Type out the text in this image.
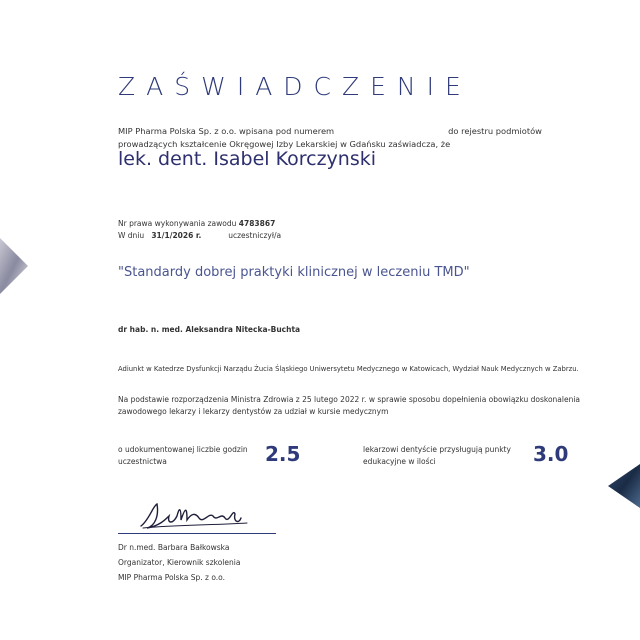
ZAŚWIADCZENIE
MIP Pharma Polska Sp. z o.o. wpisana pod numerem	do rejestru podmiotów
prowadzących kształcenie Okręgowej Izby Lekarskiej w Gdańsku zaświadcza, że
lek. dent. Isabel Korczynski
Nr prawa wykonywania zawodu 4783867
W dniu 31/1/2026 r.	uczestniczył/a
"Standardy dobrej praktyki klinicznej w leczeniu TMD"
dr hab. n. med. Aleksandra Nitecka-Buchta
Adiunkt w Katedrze Dysfunkcji Narządu Żucia Śląskiego Uniwersytetu Medycznego w Katowicach, Wydział Nauk Medycznych w Zabrzu.
Na podstawie rozporządzenia Ministra Zdrowia z 25 lutego 2022 r. w sprawie sposobu dopełnienia obowiązku doskonalenia zawodowego lekarzy i lekarzy dentystów za udział w kursie medycznym
o udokumentowanej liczbie godzin uczestnictwa	2.5	lekarzowi dentyście przysługują punkty edukacyjne w ilości	3.0
Dr n.med. Barbara Bałkowska
Organizator, Kierownik szkolenia
MIP Pharma Polska Sp. z o.o.
